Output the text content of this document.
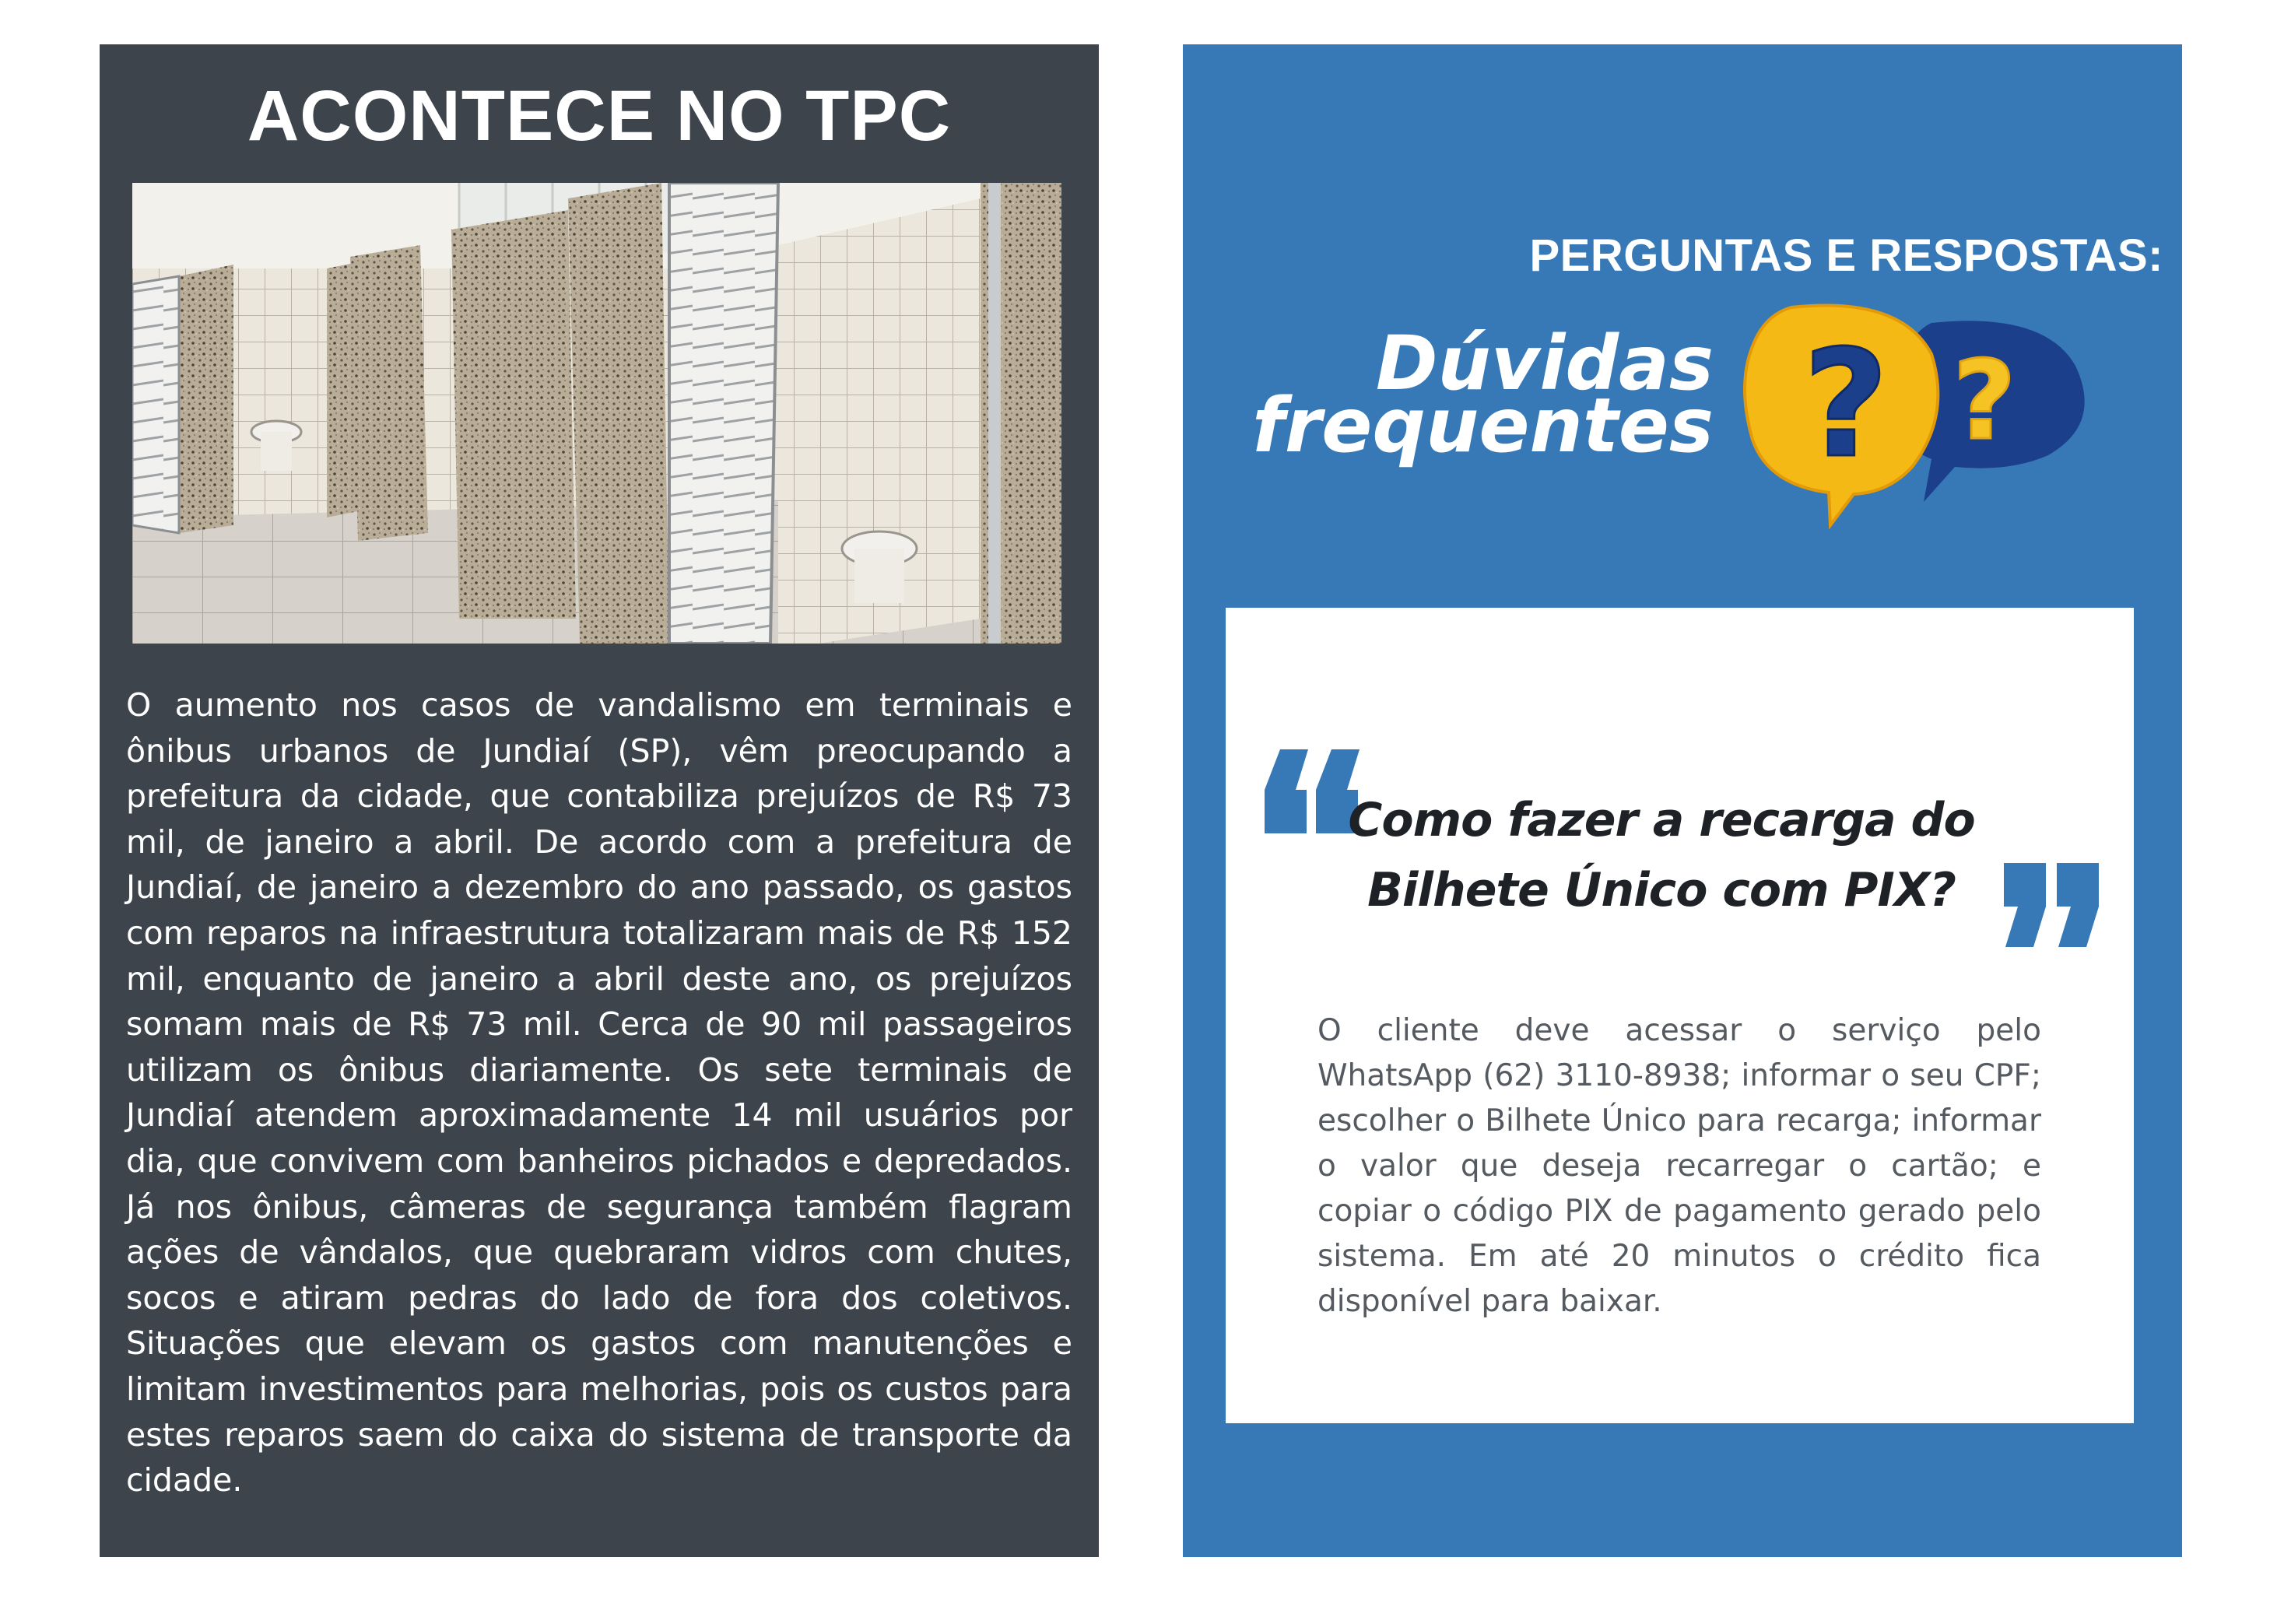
ACONTECE NO TPC
O aumento nos casos de vandalismo em terminais e ônibus urbanos de Jundiaí (SP), vêm preocupando a prefeitura da cidade, que contabiliza prejuízos de R$ 73 mil, de janeiro a abril. De acordo com a prefeitura de Jundiaí, de janeiro a dezembro do ano passado, os gastos com reparos na infraestrutura totalizaram mais de R$ 152 mil, enquanto de janeiro a abril deste ano, os prejuízos somam mais de R$ 73 mil. Cerca de 90 mil passageiros utilizam os ônibus diariamente. Os sete terminais de Jundiaí atendem aproximadamente 14 mil usuários por dia, que convivem com banheiros pichados e depredados. Já nos ônibus, câmeras de segurança também flagram ações de vândalos, que quebraram vidros com chutes, socos e atiram pedras do lado de fora dos coletivos. Situações que elevam os gastos com manutenções e limitam investimentos para melhorias, pois os custos para estes reparos saem do caixa do sistema de transporte da cidade.
PERGUNTAS E RESPOSTAS:
Dúvidas
frequentes ?
?
Como fazer a recarga do
Bilhete Único com PIX?
O cliente deve acessar o serviço pelo WhatsApp (62) 3110-8938; informar o seu CPF; escolher o Bilhete Único para recarga; informar o valor que deseja recarregar o cartão; e copiar o código PIX de pagamento gerado pelo sistema. Em até 20 minutos o crédito fica disponível para baixar.
